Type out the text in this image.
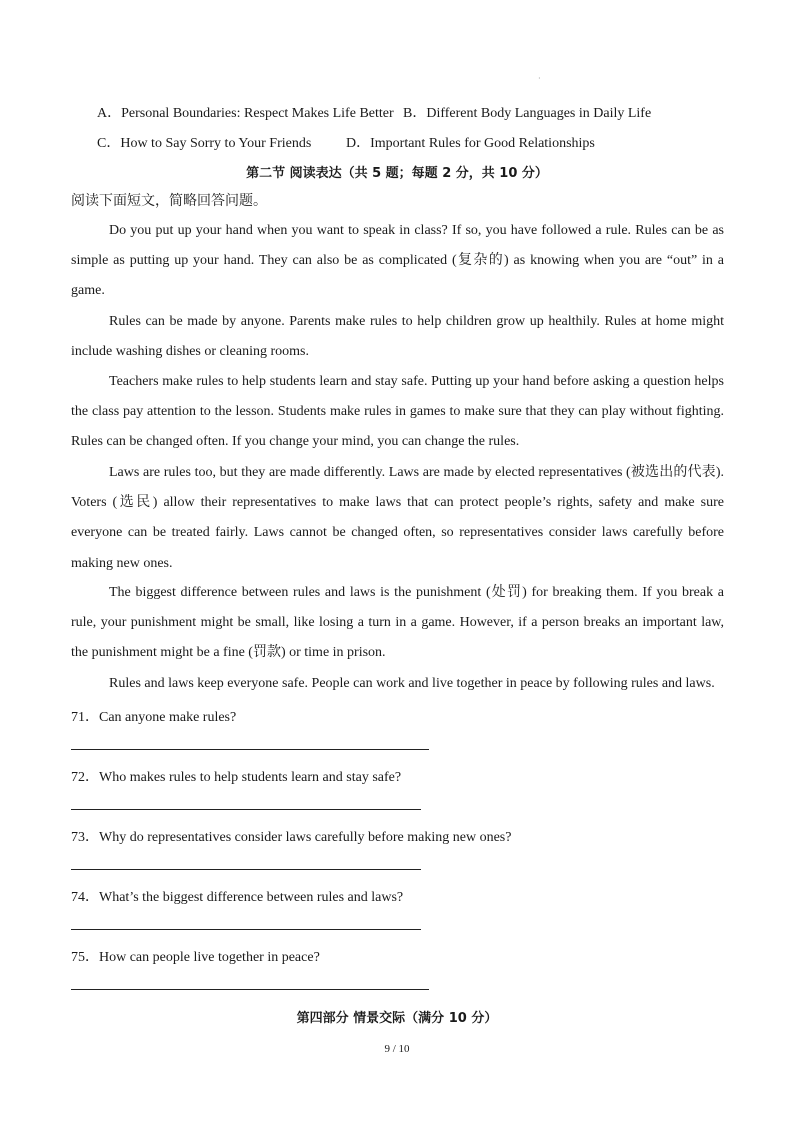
·
A．Personal Boundaries: Respect Makes Life Better B．Different Body Languages in Daily Life
C．How to Say Sorry to Your Friends D．Important Rules for Good Relationships
第二节 阅读表达（共 5 题；每题 2 分，共 10 分）
阅读下面短文，简略回答问题。

Do you put up your hand when you want to speak in class? If so, you have followed a rule. Rules can be as simple as putting up your hand. They can also be as complicated (复杂的) as knowing when you are “out” in a game.

Rules can be made by anyone. Parents make rules to help children grow up healthily. Rules at home might include washing dishes or cleaning rooms.

Teachers make rules to help students learn and stay safe. Putting up your hand before asking a question helps the class pay attention to the lesson. Students make rules in games to make sure that they can play without fighting. Rules can be changed often. If you change your mind, you can change the rules.

Laws are rules too, but they are made differently. Laws are made by elected representatives (被选出的代表). Voters (选民) allow their representatives to make laws that can protect people’s rights, safety and make sure everyone can be treated fairly. Laws cannot be changed often, so representatives consider laws carefully before making new ones.

The biggest difference between rules and laws is the punishment (处罚) for breaking them. If you break a rule, your punishment might be small, like losing a turn in a game. However, if a person breaks an important law, the punishment might be a fine (罚款) or time in prison.

Rules and laws keep everyone safe. People can work and live together in peace by following rules and laws.

71．Can anyone make rules?
72．Who makes rules to help students learn and stay safe?
73．Why do representatives consider laws carefully before making new ones?
74．What’s the biggest difference between rules and laws?
75．How can people live together in peace?
第四部分 情景交际（满分 10 分）
9 / 10
